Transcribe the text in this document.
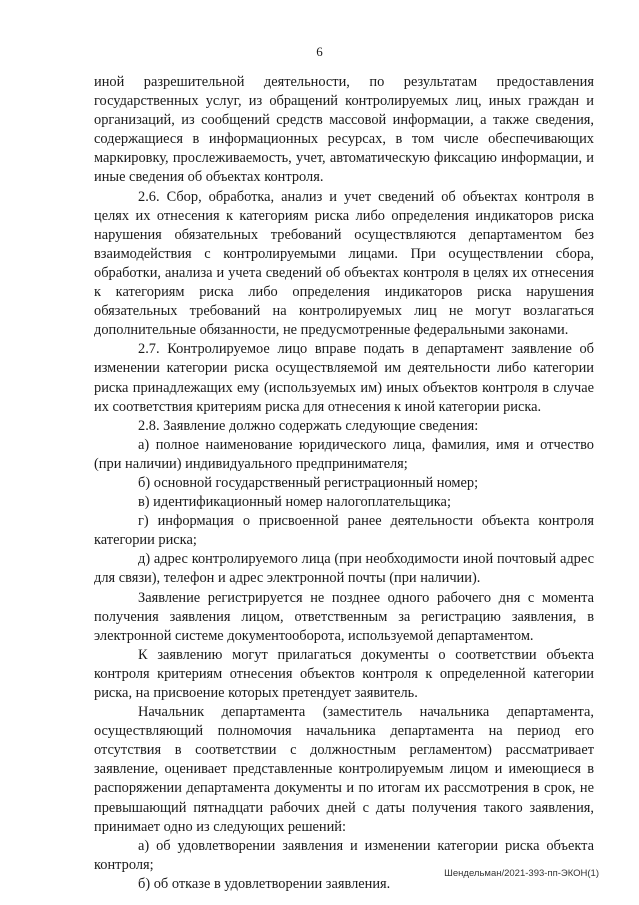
6

иной разрешительной деятельности, по результатам предоставления государственных услуг, из обращений контролируемых лиц, иных граждан и организаций, из сообщений средств массовой информации, а также сведения, содержащиеся в информационных ресурсах, в том числе обеспечивающих маркировку, прослеживаемость, учет, автоматическую фиксацию информации, и иные сведения об объектах контроля.

2.6. Сбор, обработка, анализ и учет сведений об объектах контроля в целях их отнесения к категориям риска либо определения индикаторов риска нарушения обязательных требований осуществляются департаментом без взаимодействия с контролируемыми лицами. При осуществлении сбора, обработки, анализа и учета сведений об объектах контроля в целях их отнесения к категориям риска либо определения индикаторов риска нарушения обязательных требований на контролируемых лиц не могут возлагаться дополнительные обязанности, не предусмотренные федеральными законами.

2.7. Контролируемое лицо вправе подать в департамент заявление об изменении категории риска осуществляемой им деятельности либо категории риска принадлежащих ему (используемых им) иных объектов контроля в случае их соответствия критериям риска для отнесения к иной категории риска.

2.8. Заявление должно содержать следующие сведения:

а) полное наименование юридического лица, фамилия, имя и отчество (при наличии) индивидуального предпринимателя;

б) основной государственный регистрационный номер;

в) идентификационный номер налогоплательщика;

г) информация о присвоенной ранее деятельности объекта контроля категории риска;

д) адрес контролируемого лица (при необходимости иной почтовый адрес для связи), телефон и адрес электронной почты (при наличии).

Заявление регистрируется не позднее одного рабочего дня с момента получения заявления лицом, ответственным за регистрацию заявления, в электронной системе документооборота, используемой департаментом.

К заявлению могут прилагаться документы о соответствии объекта контроля критериям отнесения объектов контроля к определенной категории риска, на присвоение которых претендует заявитель.

Начальник департамента (заместитель начальника департамента, осуществляющий полномочия начальника департамента на период его отсутствия в соответствии с должностным регламентом) рассматривает заявление, оценивает представленные контролируемым лицом и имеющиеся в распоряжении департамента документы и по итогам их рассмотрения в срок, не превышающий пятнадцати рабочих дней с даты получения такого заявления, принимает одно из следующих решений:

а) об удовлетворении заявления и изменении категории риска объекта контроля;

б) об отказе в удовлетворении заявления.

Шендельман/2021-393-пп-ЭКОН(1)
